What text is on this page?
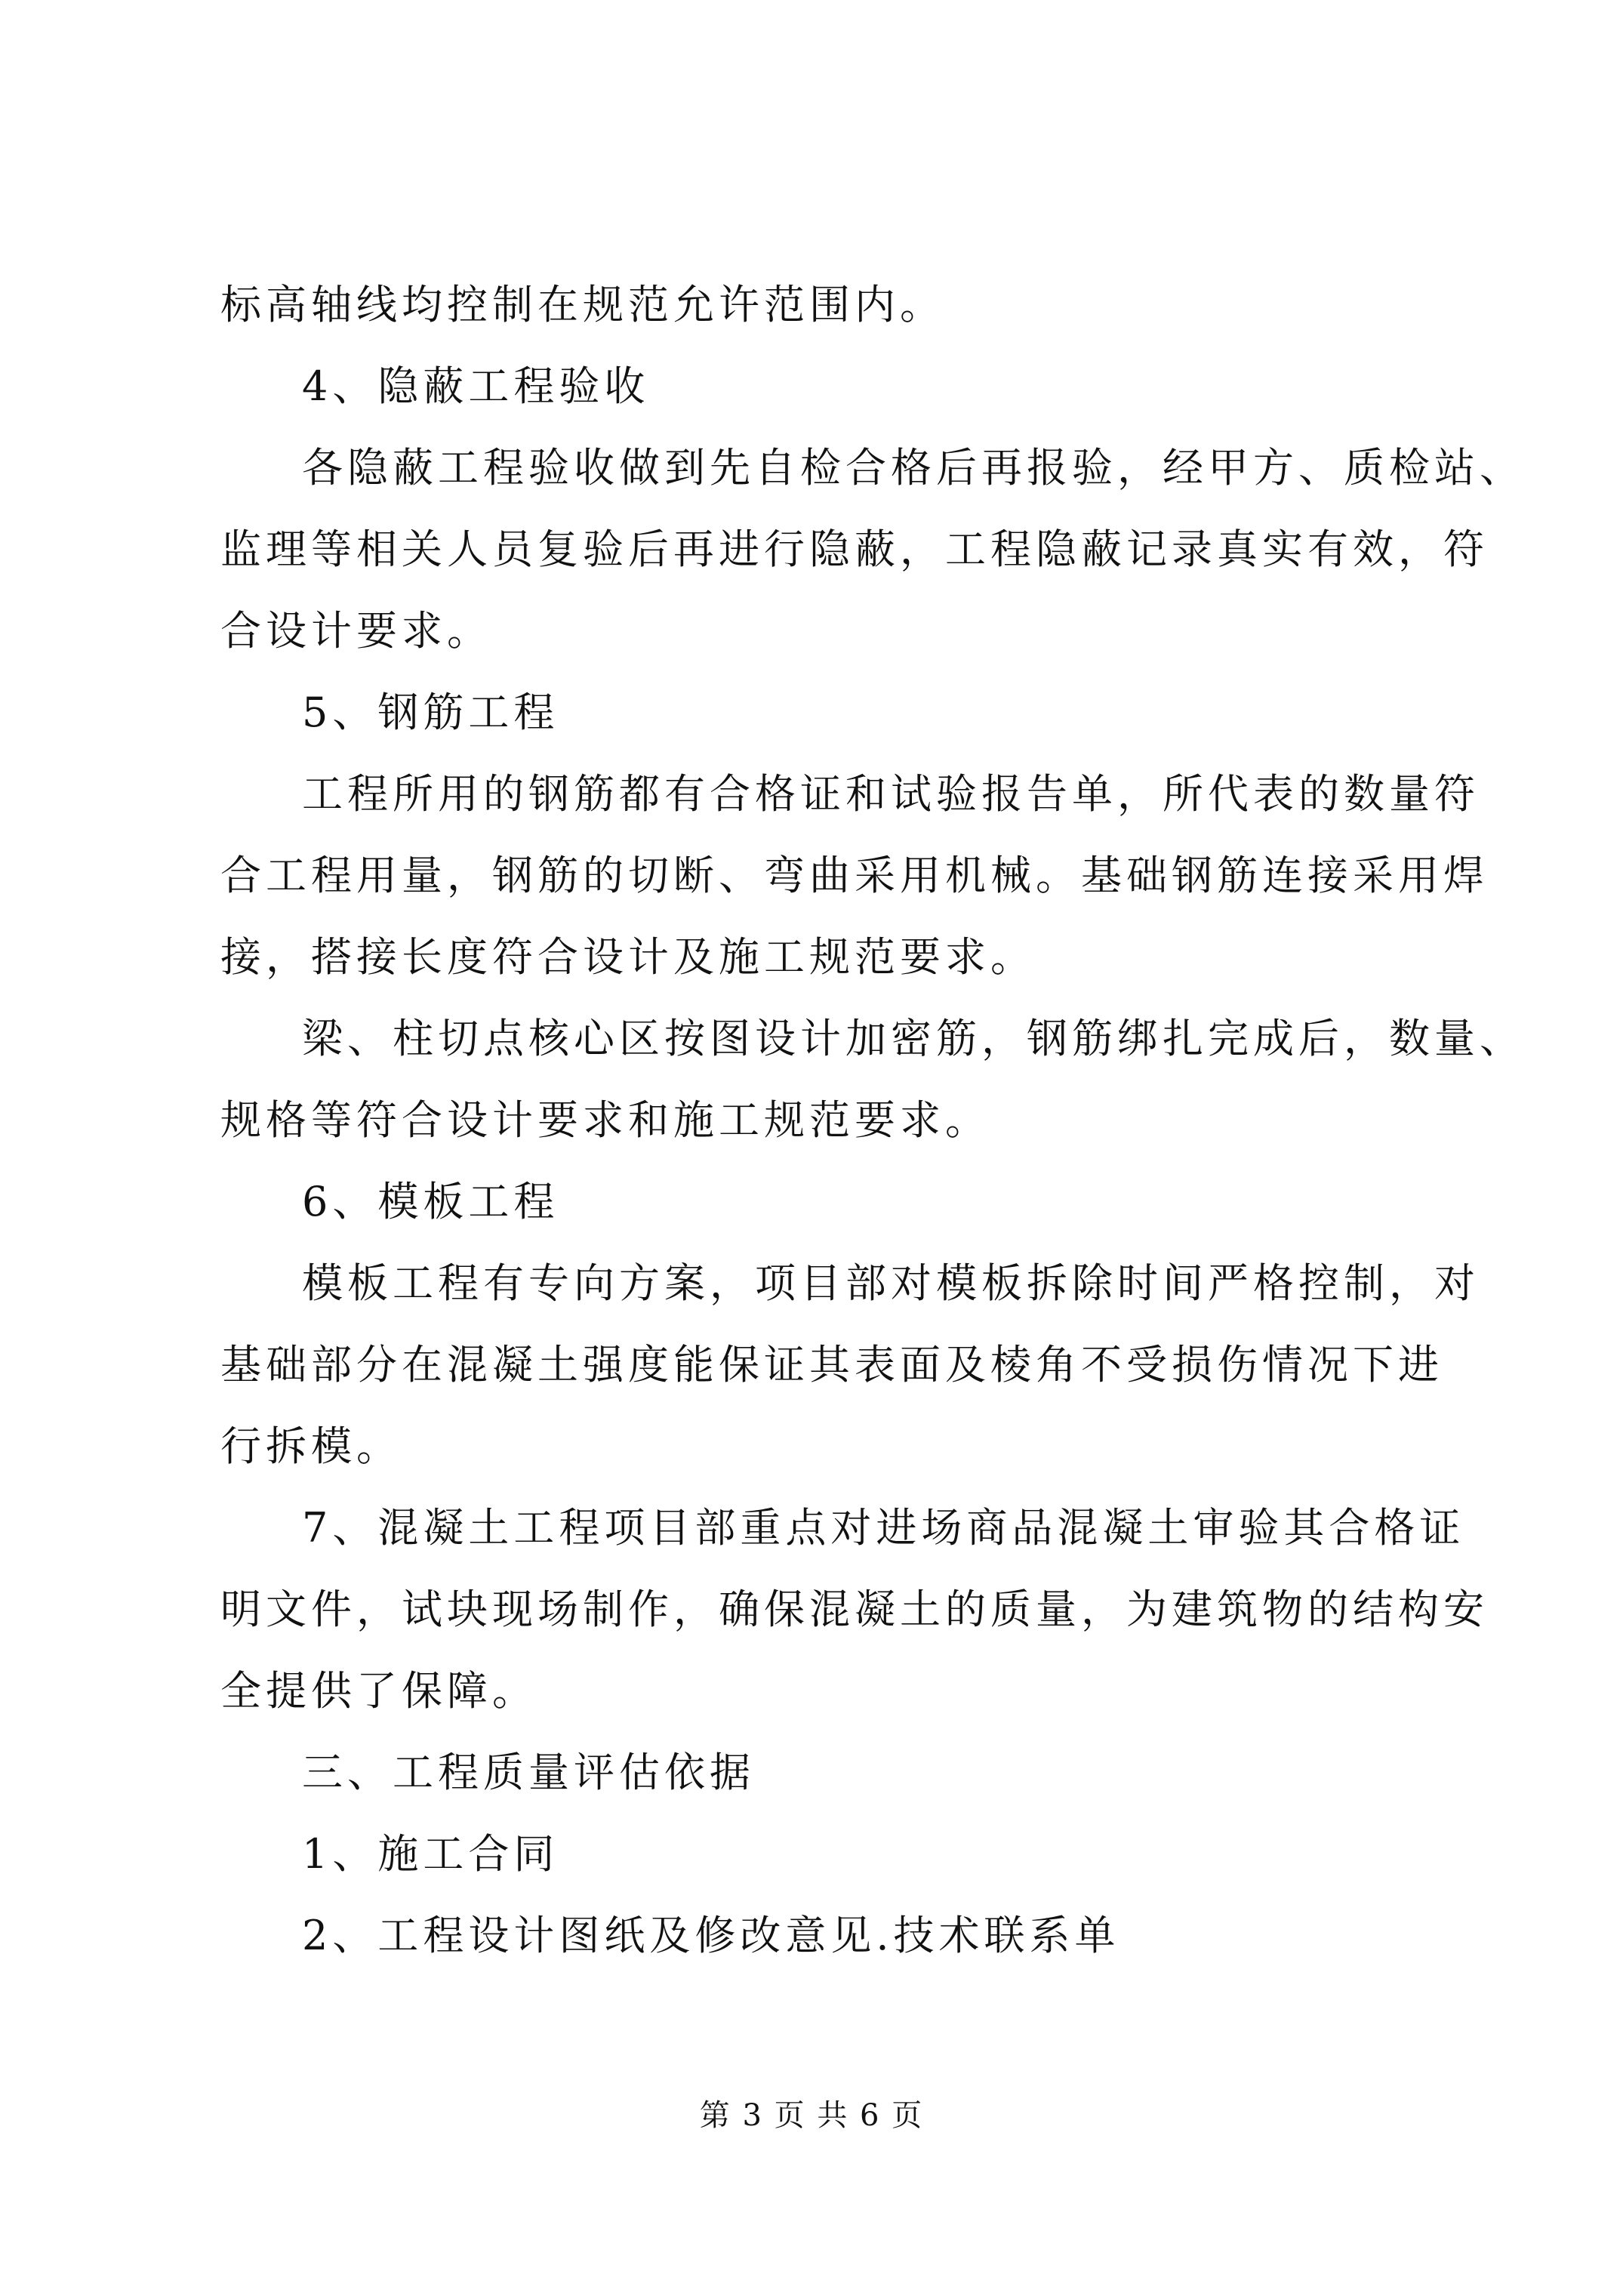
标高轴线均控制在规范允许范围内。
4、隐蔽工程验收
各隐蔽工程验收做到先自检合格后再报验，经甲方、质检站、
监理等相关人员复验后再进行隐蔽，工程隐蔽记录真实有效，符
合设计要求。
5、钢筋工程
工程所用的钢筋都有合格证和试验报告单，所代表的数量符
合工程用量，钢筋的切断、弯曲采用机械。基础钢筋连接采用焊
接，搭接长度符合设计及施工规范要求。
梁、柱切点核心区按图设计加密筋，钢筋绑扎完成后，数量、
规格等符合设计要求和施工规范要求。
6、模板工程
模板工程有专向方案，项目部对模板拆除时间严格控制，对
基础部分在混凝土强度能保证其表面及棱角不受损伤情况下进
行拆模。
7、混凝土工程项目部重点对进场商品混凝土审验其合格证
明文件，试块现场制作，确保混凝土的质量，为建筑物的结构安
全提供了保障。
三、工程质量评估依据
1、施工合同
2、工程设计图纸及修改意见.技术联系单
第 3 页 共 6 页
